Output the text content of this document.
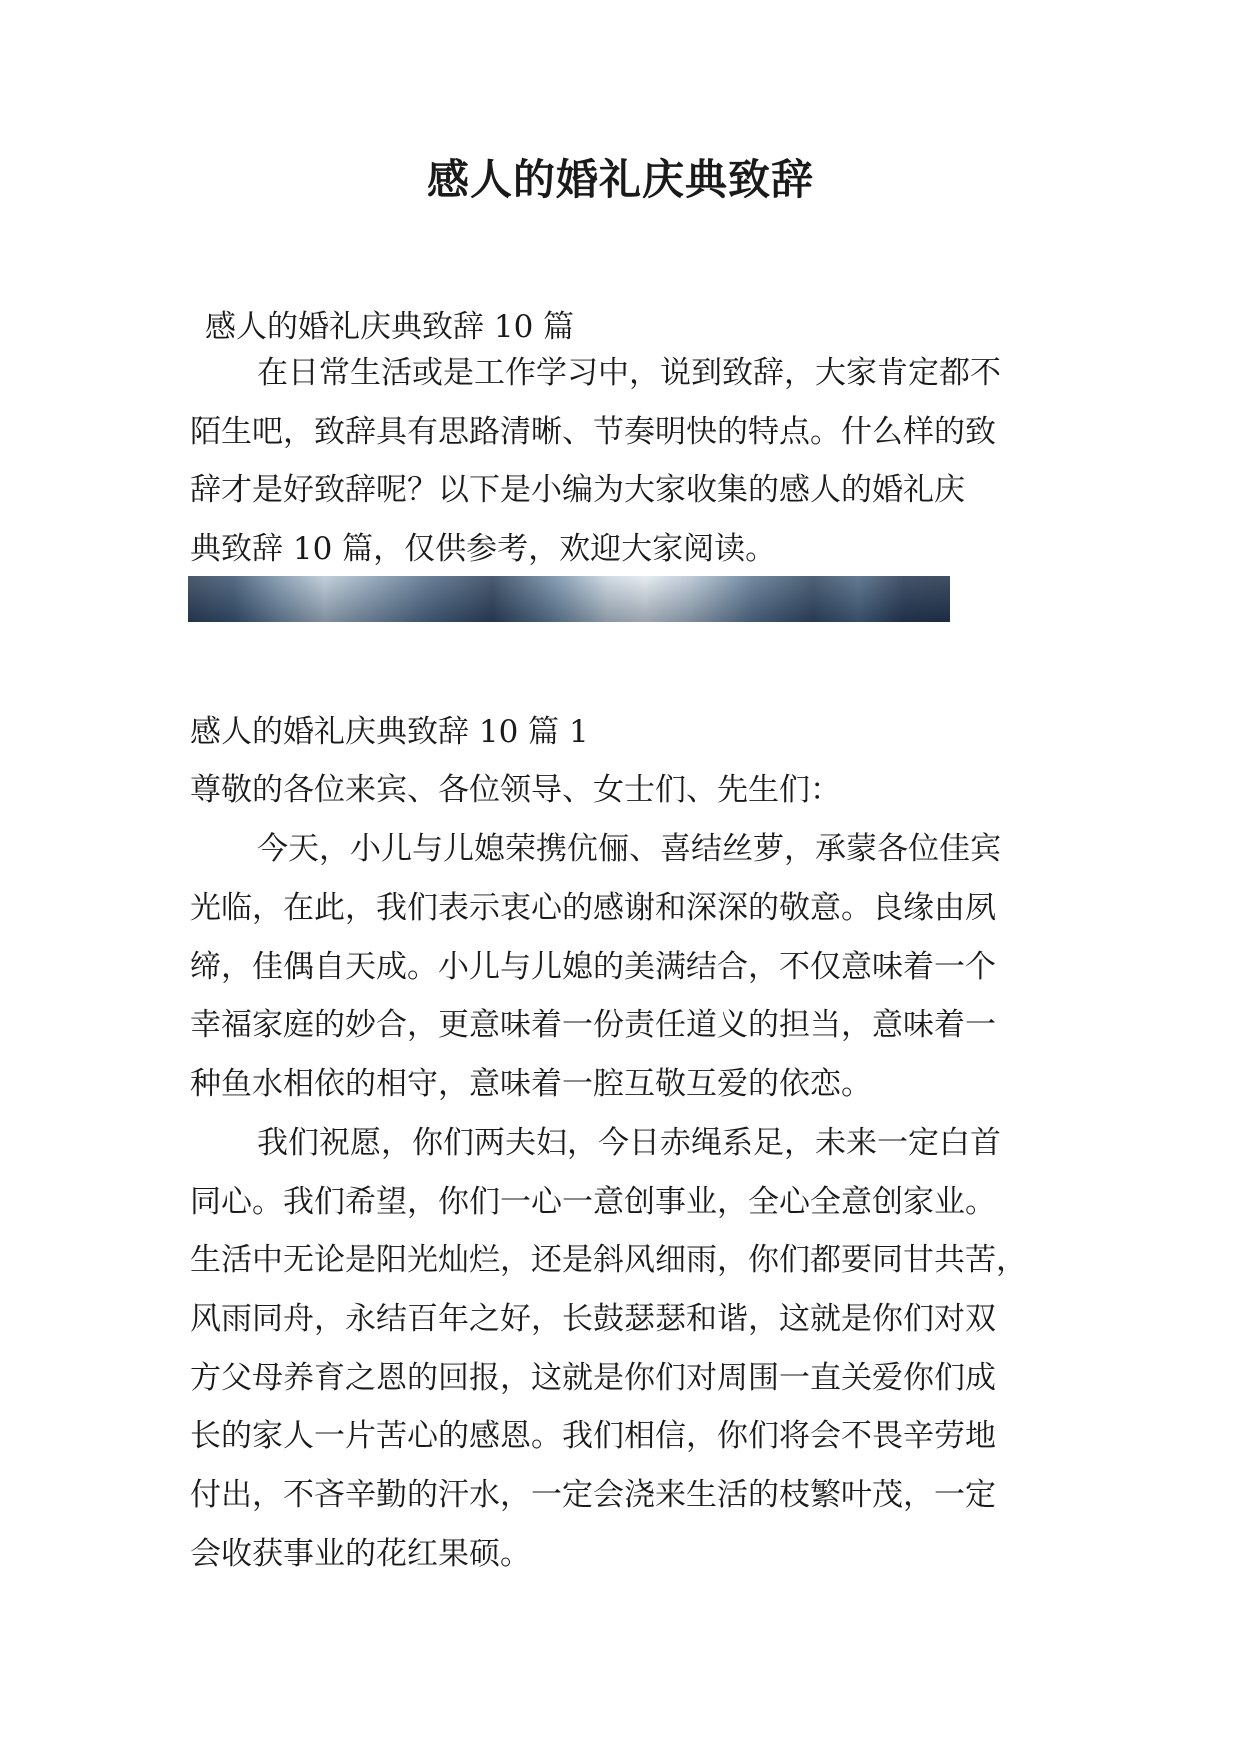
感人的婚礼庆典致辞
感人的婚礼庆典致辞 10 篇
在日常生活或是工作学习中，说到致辞，大家肯定都不
陌生吧，致辞具有思路清晰、节奏明快的特点。什么样的致
辞才是好致辞呢？以下是小编为大家收集的感人的婚礼庆
典致辞 10 篇，仅供参考，欢迎大家阅读。
感人的婚礼庆典致辞 10 篇 1
尊敬的各位来宾、各位领导、女士们、先生们：
今天，小儿与儿媳荣携伉俪、喜结丝萝，承蒙各位佳宾
光临，在此，我们表示衷心的感谢和深深的敬意。良缘由夙
缔，佳偶自天成。小儿与儿媳的美满结合，不仅意味着一个
幸福家庭的妙合，更意味着一份责任道义的担当，意味着一
种鱼水相依的相守，意味着一腔互敬互爱的依恋。
我们祝愿，你们两夫妇，今日赤绳系足，未来一定白首
同心。我们希望，你们一心一意创事业，全心全意创家业。
生活中无论是阳光灿烂，还是斜风细雨，你们都要同甘共苦，
风雨同舟，永结百年之好，长鼓瑟瑟和谐，这就是你们对双
方父母养育之恩的回报，这就是你们对周围一直关爱你们成
长的家人一片苦心的感恩。我们相信，你们将会不畏辛劳地
付出，不吝辛勤的汗水，一定会浇来生活的枝繁叶茂，一定
会收获事业的花红果硕。
